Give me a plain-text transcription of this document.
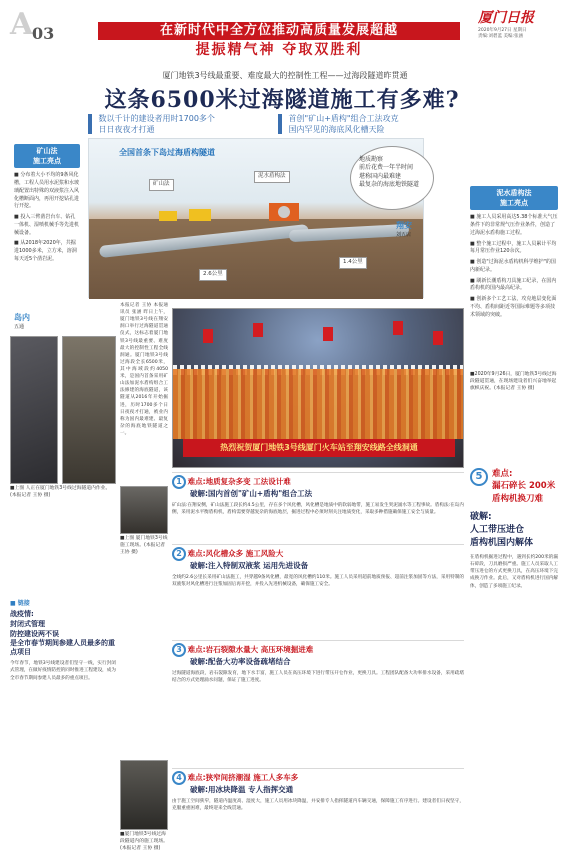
A
03	在新时代中全方位推动高质量发展超越
提振精气神 夺取双胜利
厦门日报
2020年9月27日 星期日
责编:刘碧蓝 美编:张涵
厦门地铁3号线最重要、难度最大的控制性工程——过海段隧道昨贯通
这条6500米过海隧道施工有多难?

数以千计的建设者用时1700多个
日日夜夜才打通

首创"矿山+盾构"组合工法攻克
国内罕见的海底风化槽天险
矿山法
施工亮点

■ 分布着大小不均的9条风化槽，工程人员用水泥浆和水玻璃配置出特殊的双液浆注入风化槽断面内，再用开挖钻孔进行开挖。

■ 投入三臂凿岩台车、钻孔一体机、湿喷机械手等先进机械设备。

■ 从2018年2020年，共掘进1000多米，立方米，溶洞每天近5个凿岩泥。

全国首条下岛过海盾构隧道
矿山法
泥水盾构法
2.6公里
1.4公里
地质勘察
前后花费一年半时间
堪称国内最难建
最复杂的海底地铁隧道
翔安
刘五店
岛内
五通
泥水盾构法
施工亮点

■ 施工人员采用高达5.38个标准大气压条件下的非常规气压作业条件，创造了过海泥水盾构施工过程。

■ 整个施工过程中，施工人员累计平均每月常压作业120余次。

■ 创造"过海泥水盾构机科学维护"的国内新纪录。

■ 刷新长潮盾构刀具施工纪录，在国内盾构机的国内最高纪录。

■ 创新多个工艺工法，攻克地层变化面不均、盾构间距近等国际难题等多项技术领域的突破。

本报记者 王协 本报通讯员 张涵 昨日上午，厦门地铁3号线在翔安洞口举行过海隧道贯通仪式，这标志着厦门地铁3号线最重要、难度最大的控制性工程全线洞通。厦门地铁3号线过海段全长6500米，其中海域段约4050米，是国内首条采用矿山法加泥水盾构组合工法修建的海底隧道，该隧道从2016年开始掘进，历时1700多个日日夜夜才打通，被业内称为国内最难建、最复杂的海底地铁隧道之一。
■上图 人正在厦门地铁3号线过海隧道内作业。(本报记者 王协 摄)
热烈祝贺厦门地铁3号线厦门火车站至翔安线路全线洞通
■2020年9月26日，厦门地铁3号线过海段隧道贯通，在现场建设者们兴奋地举起旗帜庆祝。(本报记者 王协 摄)
■上图 厦门地铁3号线施工现场。(本报记者 王协 摄)
1 难点:地质复杂多变 工法设计难
破解:国内首创"矿山+盾构"组合工法
矿山法:在翔安侧，矿山法施工段长约4.5公里，存在多个风化槽，风化槽是地质中的软弱地带，施工易发生突泥涌水等工程事故。盾构法:在岛内侧，采用泥水平衡盾构机，盾构需要穿越复杂的海底地层，掘进过程中必须时刻关注地质变化，采取多种措施确保施工安全与质量。
2 难点:风化槽众多 施工风险大
破解:注入特制双液浆 运用先进设备
全线约2.6公里长采用矿山法施工，共穿越9条风化槽，最宽的风化槽约110米。施工人员采用超前地质预报、超前注浆加固等方法，采用特制的双液浆对风化槽进行注浆加固后再开挖，并投入先进机械设备，确保施工安全。
3 难点:岩石裂隙水量大 高压环境掘进难
破解:配备大功率设备疏堵结合
过海隧道海底段，岩石裂隙发育，地下水丰富，施工人员在高压环境下进行带压开仓作业，更换刀具。工程团队配备大功率排水设备，采用疏堵结合的方式处理涌水问题，保证了施工进度。
4 难点:狭窄间挤潮湿 施工人多车多
破解:用冰块降温 专人指挥交通
由于施工空间狭窄，隧道内温度高、湿度大，施工人员用冰块降温，并安排专人指挥隧道内车辆交通，保障施工有序进行。建设者们日夜坚守，克服重重困难，最终迎来全线贯通。
5	难点:
漏石碎长 200米
盾构机换刀难
破解:
人工带压进仓
盾构机国内解体
在盾构机掘进过程中，遇到长约200米的漏石碎段，刀具磨损严重。施工人员采取人工带压进仓的方式更换刀具，在高压环境下完成换刀作业。此后，又对盾构机进行国内解体，创造了多项施工纪录。
■ 链接
战疫情:
封闭式管理
防控建设两不误
是全市春节期间参建人员最多的重点项目
今年春节，地铁3号线建设者们坚守一线，实行封闭式管理，在做好疫情防控的同时推进工程建设，成为全市春节期间参建人员最多的重点项目。
■厦门地铁3号线过海段隧道内的施工现场。(本报记者 王协 摄)
